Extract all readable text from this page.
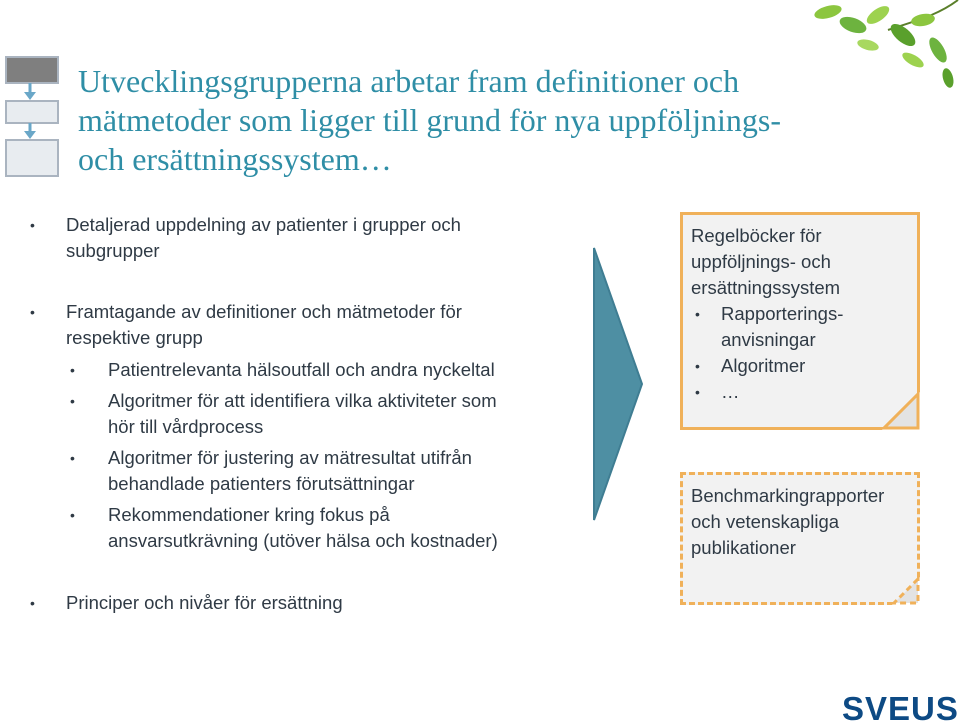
Utvecklingsgrupperna arbetar fram definitioner och
mätmetoder som ligger till grund för nya uppföljnings-
och ersättningssystem…
•	Detaljerad uppdelning av patienter i grupper och
subgrupper
•	Framtagande av definitioner och mätmetoder för
respektive grupp
•	Patientrelevanta hälsoutfall och andra nyckeltal
•	Algoritmer för att identifiera vilka aktiviteter som
hör till vårdprocess
•	Algoritmer för justering av mätresultat utifrån
behandlade patienters förutsättningar
•	Rekommendationer kring fokus på
ansvarsutkrävning (utöver hälsa och kostnader)
•	Principer och nivåer för ersättning
Regelböcker för
uppföljnings- och
ersättningssystem
• Rapporterings-
anvisningar
• Algoritmer
• …
Benchmarkingrapporter
och vetenskapliga
publikationer
SVEUS
